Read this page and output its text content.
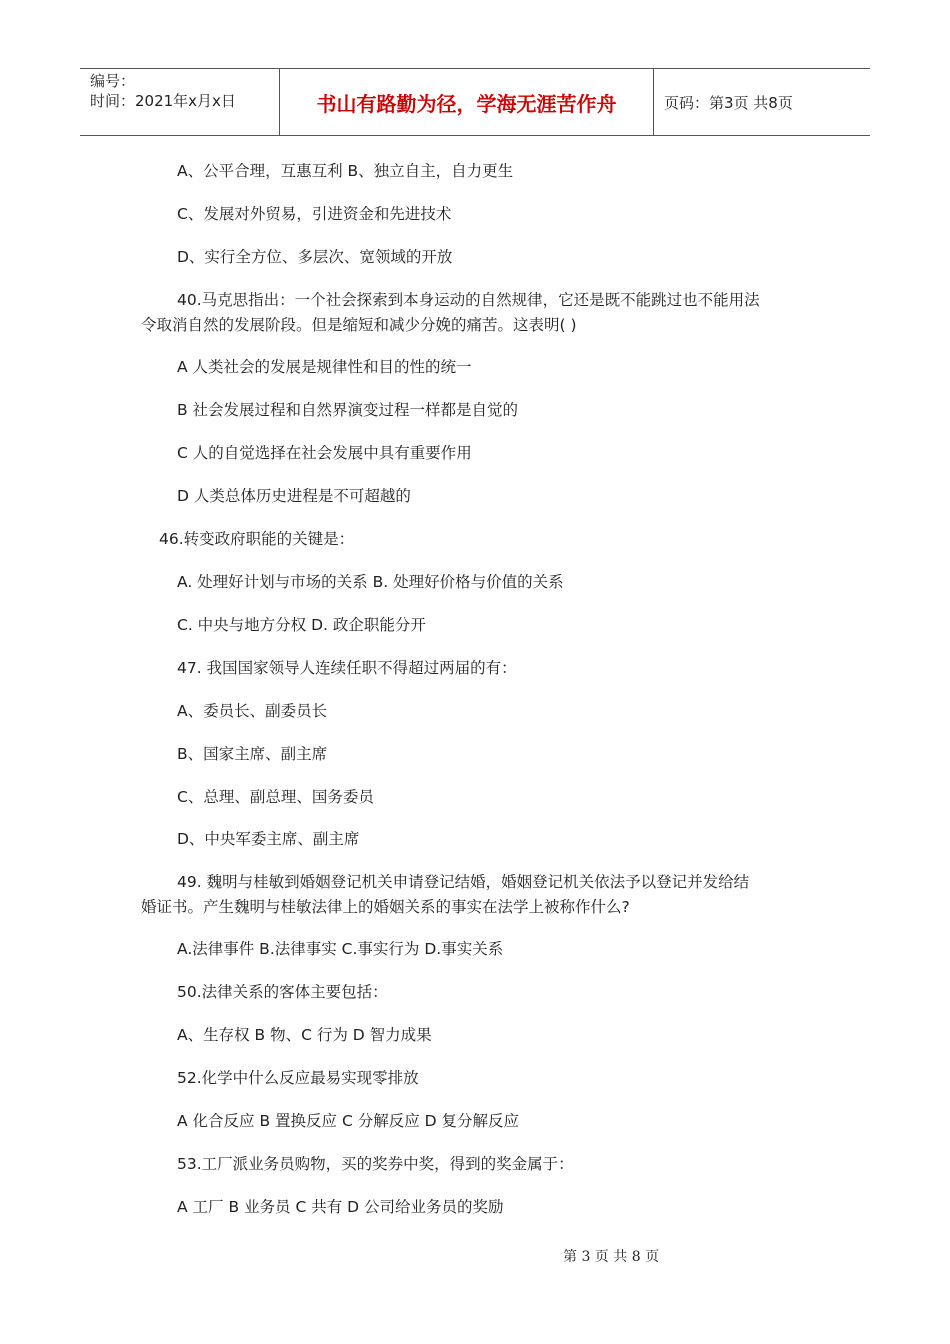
编号：
时间：2021年x月x日	书山有路勤为径，学海无涯苦作舟	页码：第3页 共8页
A、公平合理，互惠互利 B、独立自主，自力更生
C、发展对外贸易，引进资金和先进技术
D、实行全方位、多层次、宽领域的开放
40.马克思指出：一个社会探索到本身运动的自然规律，它还是既不能跳过也不能用法
令取消自然的发展阶段。但是缩短和减少分娩的痛苦。这表明( )
A 人类社会的发展是规律性和目的性的统一
B 社会发展过程和自然界演变过程一样都是自觉的
C 人的自觉选择在社会发展中具有重要作用
D 人类总体历史进程是不可超越的
46.转变政府职能的关键是：
A. 处理好计划与市场的关系 B. 处理好价格与价值的关系
C. 中央与地方分权 D. 政企职能分开
47. 我国国家领导人连续任职不得超过两届的有：
A、委员长、副委员长
B、国家主席、副主席
C、总理、副总理、国务委员
D、中央军委主席、副主席
49. 魏明与桂敏到婚姻登记机关申请登记结婚，婚姻登记机关依法予以登记并发给结
婚证书。产生魏明与桂敏法律上的婚姻关系的事实在法学上被称作什么?
A.法律事件 B.法律事实 C.事实行为 D.事实关系
50.法律关系的客体主要包括：
A、生存权 B 物、C 行为 D 智力成果
52.化学中什么反应最易实现零排放
A 化合反应 B 置换反应 C 分解反应 D 复分解反应
53.工厂派业务员购物，买的奖券中奖，得到的奖金属于：
A 工厂 B 业务员 C 共有 D 公司给业务员的奖励
第 3 页 共 8 页
